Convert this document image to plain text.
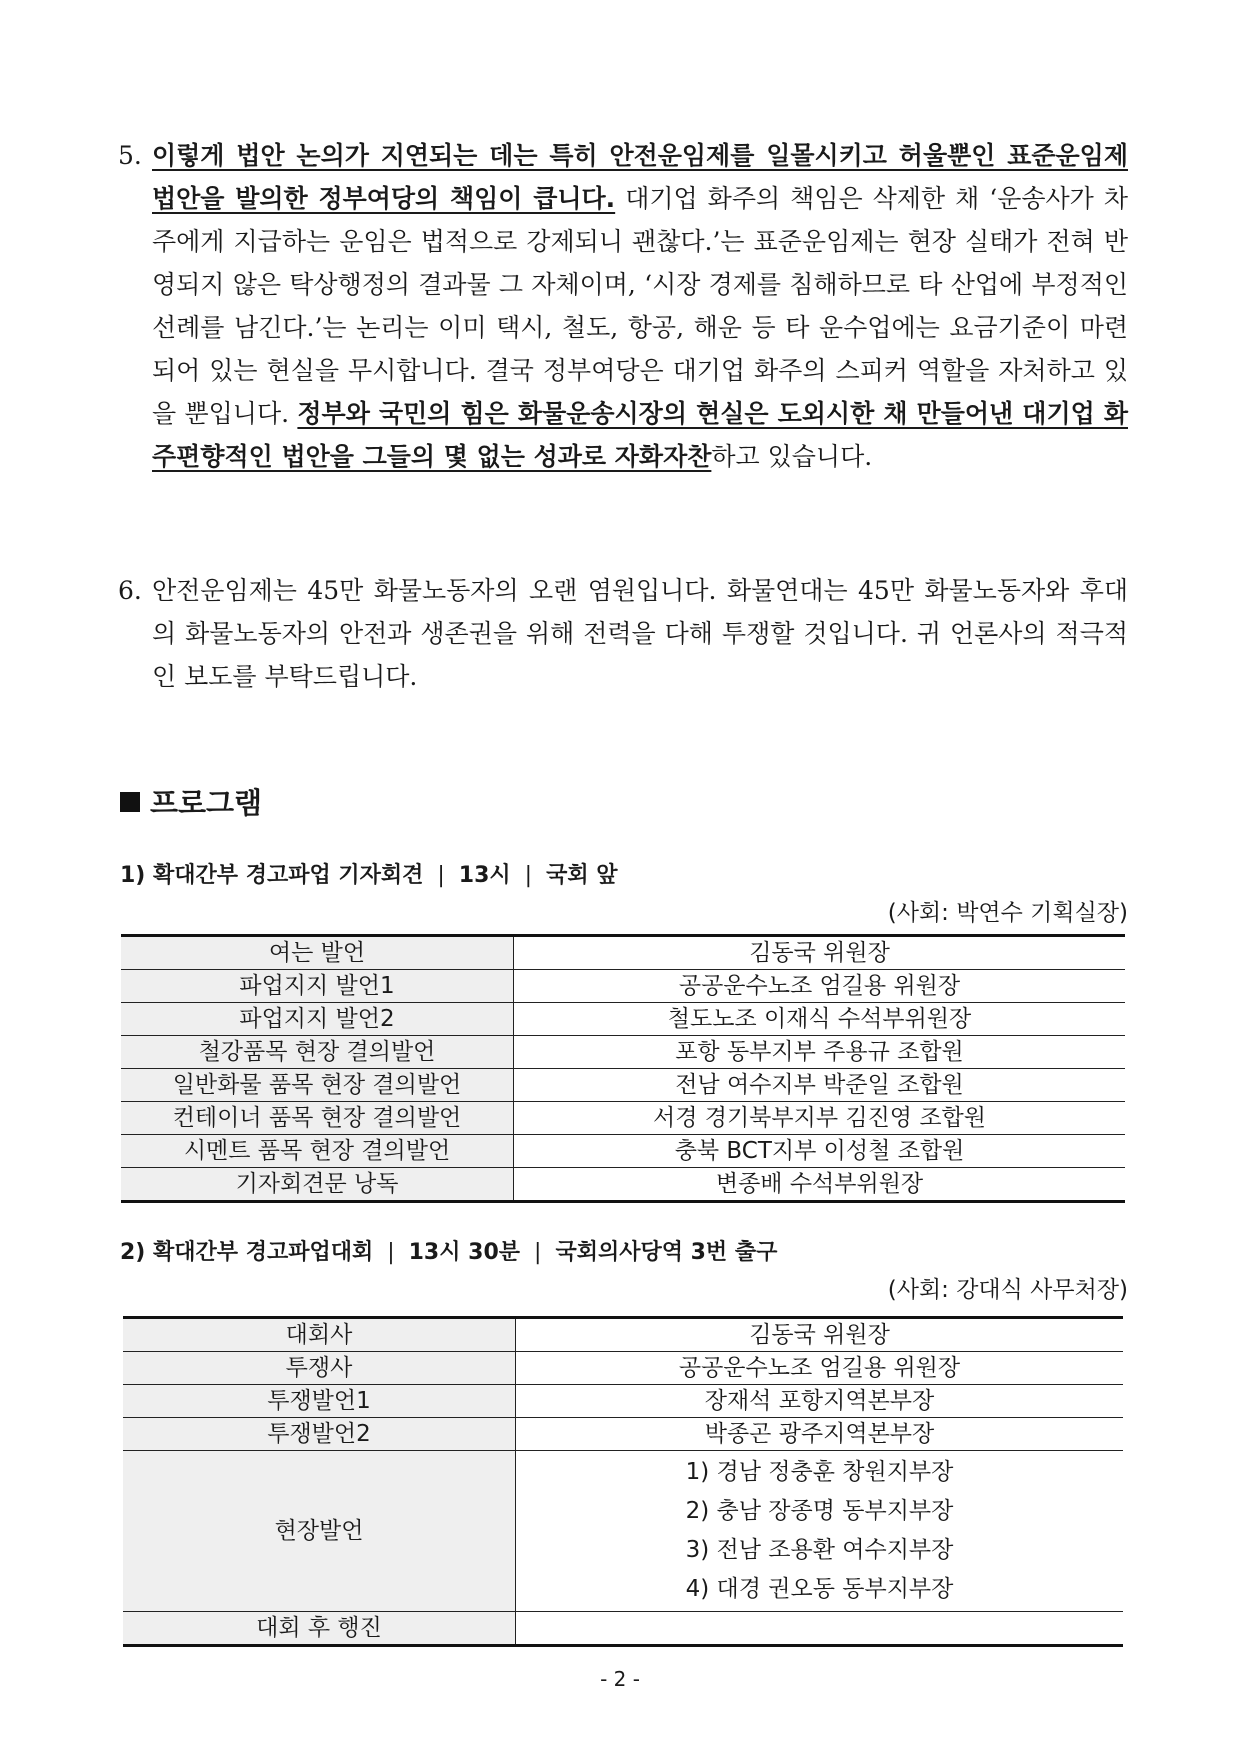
5. 이렇게 법안 논의가 지연되는 데는 특히 안전운임제를 일몰시키고 허울뿐인 표준운임제 법안을 발의한 정부여당의 책임이 큽니다. 대기업 화주의 책임은 삭제한 채 ‘운송사가 차주에게 지급하는 운임은 법적으로 강제되니 괜찮다.’는 표준운임제는 현장 실태가 전혀 반영되지 않은 탁상행정의 결과물 그 자체이며, ‘시장 경제를 침해하므로 타 산업에 부정적인 선례를 남긴다.’는 논리는 이미 택시, 철도, 항공, 해운 등 타 운수업에는 요금기준이 마련되어 있는 현실을 무시합니다. 결국 정부여당은 대기업 화주의 스피커 역할을 자처하고 있을 뿐입니다. 정부와 국민의 힘은 화물운송시장의 현실은 도외시한 채 만들어낸 대기업 화주편향적인 법안을 그들의 몇 없는 성과로 자화자찬하고 있습니다.
6. 안전운임제는 45만 화물노동자의 오랜 염원입니다. 화물연대는 45만 화물노동자와 후대의 화물노동자의 안전과 생존권을 위해 전력을 다해 투쟁할 것입니다. 귀 언론사의 적극적인 보도를 부탁드립니다.
프로그램
1) 확대간부 경고파업 기자회견 | 13시 | 국회 앞
(사회: 박연수 기획실장)
여는 발언	김동국 위원장
파업지지 발언1	공공운수노조 엄길용 위원장
파업지지 발언2	철도노조 이재식 수석부위원장
철강품목 현장 결의발언	포항 동부지부 주용규 조합원
일반화물 품목 현장 결의발언	전남 여수지부 박준일 조합원
컨테이너 품목 현장 결의발언	서경 경기북부지부 김진영 조합원
시멘트 품목 현장 결의발언	충북 BCT지부 이성철 조합원
기자회견문 낭독	변종배 수석부위원장
2) 확대간부 경고파업대회 | 13시 30분 | 국회의사당역 3번 출구
(사회: 강대식 사무처장)
대회사	김동국 위원장
투쟁사	공공운수노조 엄길용 위원장
투쟁발언1	장재석 포항지역본부장
투쟁발언2	박종곤 광주지역본부장
현장발언	1) 경남 정충훈 창원지부장
2) 충남 장종명 동부지부장
3) 전남 조용환 여수지부장
4) 대경 권오동 동부지부장

대회 후 행진	
- 2 -
